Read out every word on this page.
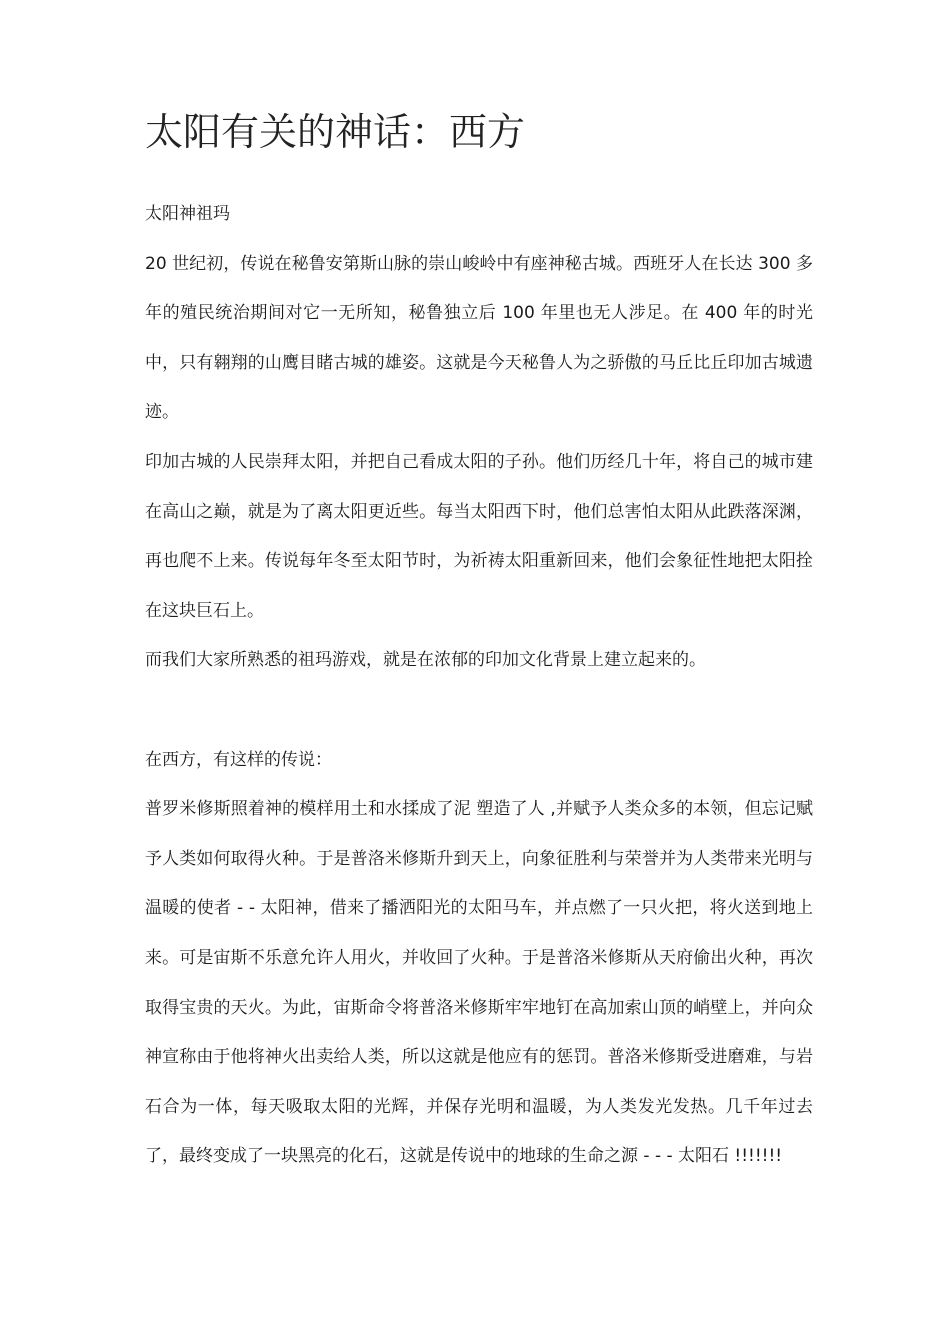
太阳有关的神话：西方

太阳神祖玛

20 世纪初，传说在秘鲁安第斯山脉的崇山峻岭中有座神秘古城。西班牙人在长达 300 多年的殖民统治期间对它一无所知，秘鲁独立后 100 年里也无人涉足。在 400 年的时光中，只有翱翔的山鹰目睹古城的雄姿。这就是今天秘鲁人为之骄傲的马丘比丘印加古城遗迹。

印加古城的人民崇拜太阳，并把自己看成太阳的子孙。他们历经几十年，将自己的城市建在高山之巅，就是为了离太阳更近些。每当太阳西下时，他们总害怕太阳从此跌落深渊，再也爬不上来。传说每年冬至太阳节时，为祈祷太阳重新回来，他们会象征性地把太阳拴在这块巨石上。

而我们大家所熟悉的祖玛游戏，就是在浓郁的印加文化背景上建立起来的。

在西方，有这样的传说：

普罗米修斯照着神的模样用土和水揉成了泥 塑造了人 ,并赋予人类众多的本领，但忘记赋予人类如何取得火种。于是普洛米修斯升到天上，向象征胜利与荣誉并为人类带来光明与温暖的使者 - - 太阳神，借来了播洒阳光的太阳马车，并点燃了一只火把，将火送到地上来。可是宙斯不乐意允许人用火，并收回了火种。于是普洛米修斯从天府偷出火种，再次取得宝贵的天火。为此，宙斯命令将普洛米修斯牢牢地钉在高加索山顶的峭壁上，并向众神宣称由于他将神火出卖给人类，所以这就是他应有的惩罚。普洛米修斯受进磨难，与岩石合为一体，每天吸取太阳的光辉，并保存光明和温暖，为人类发光发热。几千年过去了，最终变成了一块黑亮的化石，这就是传说中的地球的生命之源 - - - 太阳石 !!!!!!!
